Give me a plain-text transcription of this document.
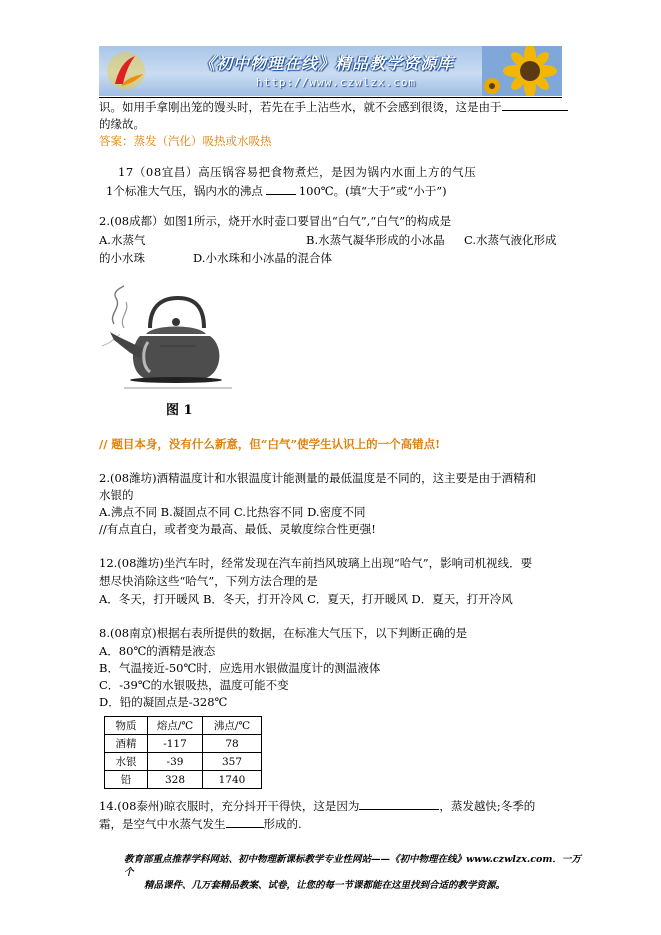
《初中物理在线》精品教学资源库
http://www.czwlzx.com
识。如用手拿刚出笼的馒头时，若先在手上沾些水，就不会感到很烫，这是由于
的缘故。
答案：蒸发（汽化）吸热或水吸热
17（08宜昌）高压锅容易把食物煮烂，是因为锅内水面上方的气压
1个标准大气压，锅内水的沸点	100℃。(填“大于”或“小于”)
2.(08成都）如图1所示，烧开水时壶口要冒出“白气”,“白气”的构成是
A.水蒸气	B.水蒸气凝华形成的小冰晶 C.水蒸气液化形成
的小水珠	D.小水珠和小冰晶的混合体
图 1
// 题目本身，没有什么新意，但“白气”使学生认识上的一个高错点!
2.(08潍坊)酒精温度计和水银温度计能测量的最低温度是不同的，这主要是由于酒精和
水银的
A.沸点不同 B.凝固点不同 C.比热容不同 D.密度不同
//有点直白，或者变为最高、最低、灵敏度综合性更强!
12.(08潍坊)坐汽车时，经常发现在汽车前挡风玻璃上出现“哈气”，影响司机视线．要
想尽快消除这些“哈气”，下列方法合理的是
A．冬天，打开暖风 B．冬天，打开冷风 C．夏天，打开暖风 D．夏天，打开冷风
8.(08南京)根据右表所提供的数据，在标准大气压下，以下判断正确的是
A．80℃的酒精是液态
B．气温接近-50℃时．应选用水银做温度计的测温液体
C．-39℃的水银吸热，温度可能不变
D．铅的凝固点是-328℃
物质	熔点/℃	沸点/℃
酒精	-117	78
水银	-39	357
铅	328	1740
14.(08泰州)晾衣服时，充分抖开干得快，这是因为	，蒸发越快;冬季的
霜，是空气中水蒸气发生	形成的.
教育部重点推荐学科网站、初中物理新课标教学专业性网站——《初中物理在线》www.czwlzx.com．一万个
精品课件、几万套精品教案、试卷，让您的每一节课都能在这里找到合适的教学资源。
